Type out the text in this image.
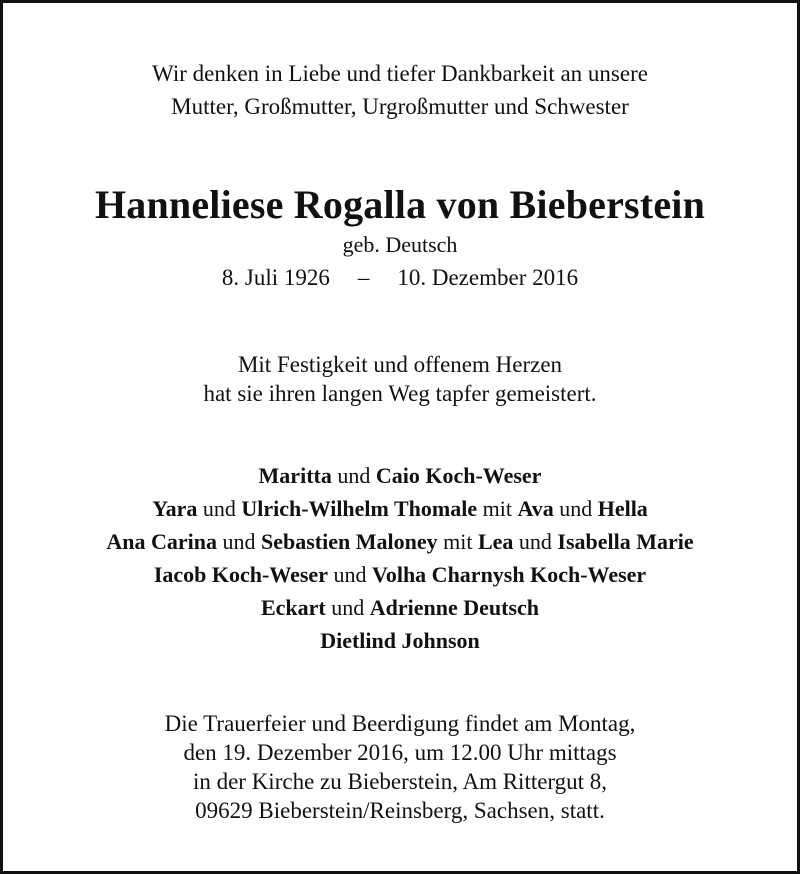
Wir denken in Liebe und tiefer Dankbarkeit an unsere
Mutter, Großmutter, Urgroßmutter und Schwester
Hanneliese Rogalla von Bieberstein
geb. Deutsch
8. Juli 1926 – 10. Dezember 2016
Mit Festigkeit und offenem Herzen
hat sie ihren langen Weg tapfer gemeistert.
Maritta und Caio Koch-Weser
Yara und Ulrich-Wilhelm Thomale mit Ava und Hella
Ana Carina und Sebastien Maloney mit Lea und Isabella Marie
Iacob Koch-Weser und Volha Charnysh Koch-Weser
Eckart und Adrienne Deutsch
Dietlind Johnson
Die Trauerfeier und Beerdigung findet am Montag,
den 19. Dezember 2016, um 12.00 Uhr mittags
in der Kirche zu Bieberstein, Am Rittergut 8,
09629 Bieberstein/Reinsberg, Sachsen, statt.
